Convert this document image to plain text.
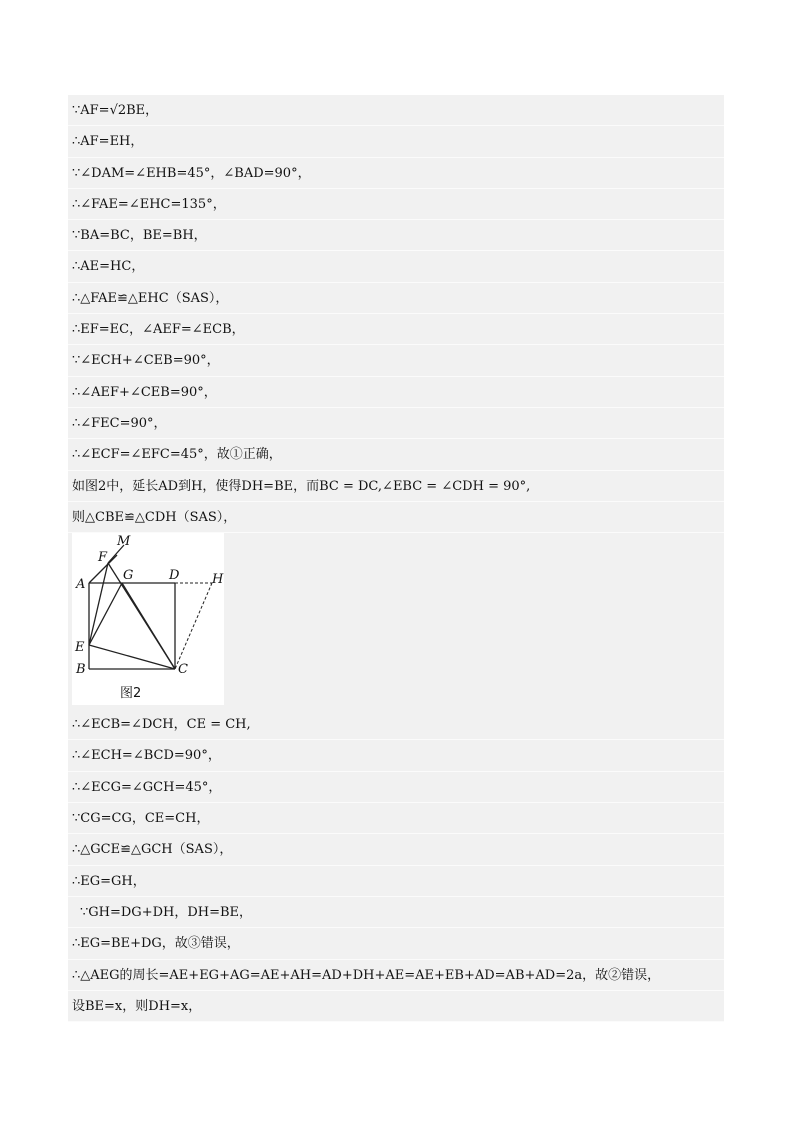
∵AF=√2BE，
∴AF=EH，
∵∠DAM=∠EHB=45°，∠BAD=90°，
∴∠FAE=∠EHC=135°，
∵BA=BC，BE=BH，
∴AE=HC，
∴△FAE≌△EHC（SAS），
∴EF=EC，∠AEF=∠ECB，
∵∠ECH+∠CEB=90°，
∴∠AEF+∠CEB=90°，
∴∠FEC=90°，
∴∠ECF=∠EFC=45°，故①正确，
如图2中，延长AD到H，使得DH=BE，而BC = DC,∠EBC = ∠CDH = 90°,
则△CBE≌△CDH（SAS），
M
F
G	D	H
A
E
B	C
图2
∴∠ECB=∠DCH，CE = CH,
∴∠ECH=∠BCD=90°，
∴∠ECG=∠GCH=45°，
∵CG=CG，CE=CH，
∴△GCE≌△GCH（SAS），
∴EG=GH，
∵GH=DG+DH，DH=BE，
∴EG=BE+DG，故③错误，
∴△AEG的周长=AE+EG+AG=AE+AH=AD+DH+AE=AE+EB+AD=AB+AD=2a，故②错误，
设BE=x，则DH=x，
